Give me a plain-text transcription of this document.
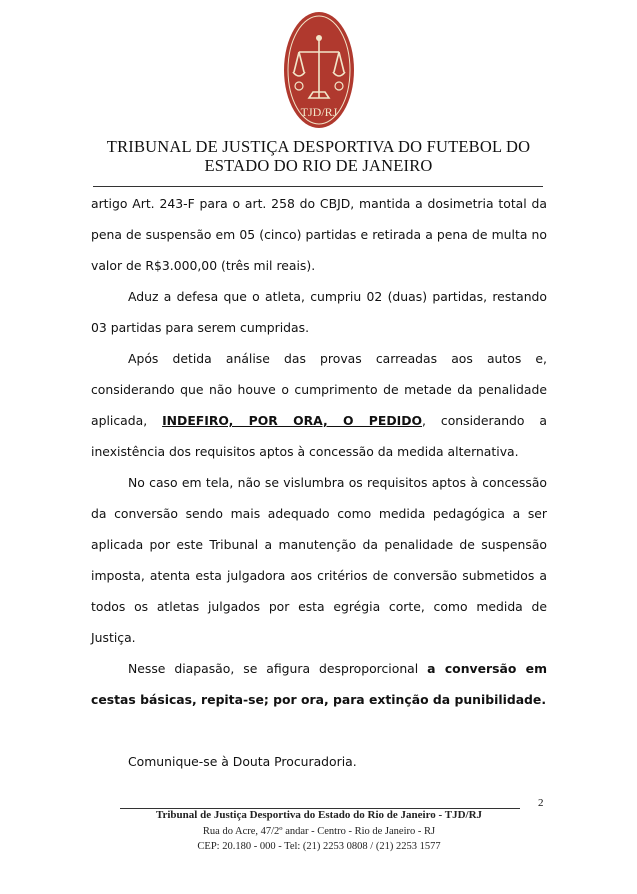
TJD/RJ
TRIBUNAL DE JUSTIÇA DESPORTIVA DO FUTEBOL DO
ESTADO DO RIO DE JANEIRO

artigo Art. 243-F para o art. 258 do CBJD, mantida a dosimetria total da pena de suspensão em 05 (cinco) partidas e retirada a pena de multa no valor de R$3.000,00 (três mil reais).

Aduz a defesa que o atleta, cumpriu 02 (duas) partidas, restando 03 partidas para serem cumpridas.

Após detida análise das provas carreadas aos autos e, considerando que não houve o cumprimento de metade da penalidade aplicada, INDEFIRO, POR ORA, O PEDIDO, considerando a inexistência dos requisitos aptos à concessão da medida alternativa.

No caso em tela, não se vislumbra os requisitos aptos à concessão da conversão sendo mais adequado como medida pedagógica a ser aplicada por este Tribunal a manutenção da penalidade de suspensão imposta, atenta esta julgadora aos critérios de conversão submetidos a todos os atletas julgados por esta egrégia corte, como medida de Justiça.

Nesse diapasão, se afigura desproporcional a conversão em cestas básicas, repita-se; por ora, para extinção da punibilidade.

Comunique-se à Douta Procuradoria.

2
Tribunal de Justiça Desportiva do Estado do Rio de Janeiro - TJD/RJ
Rua do Acre, 47/2º andar - Centro - Rio de Janeiro - RJ
CEP: 20.180 - 000 - Tel: (21) 2253 0808 / (21) 2253 1577
